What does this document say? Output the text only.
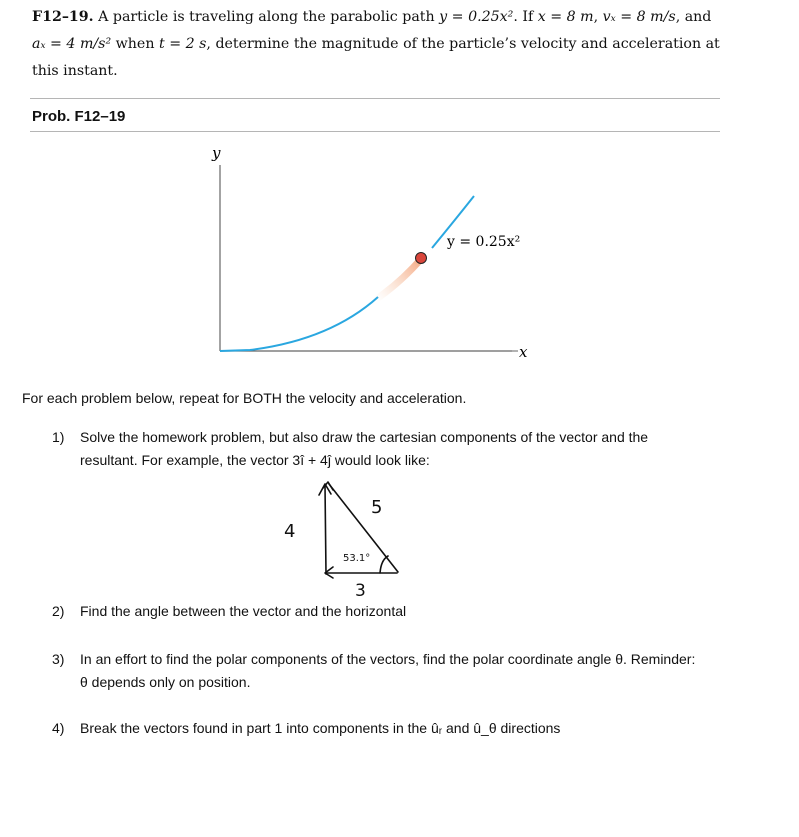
F12–19. A particle is traveling along the parabolic path y = 0.25x². If x = 8 m, vₓ = 8 m/s, and
aₓ = 4 m/s² when t = 2 s, determine the magnitude of the particle’s velocity and acceleration at
this instant.
Prob. F12–19
y
x
y = 0.25x²
4
5
3
53.1°
For each problem below, repeat for BOTH the velocity and acceleration.
1) Solve the homework problem, but also draw the cartesian components of the vector and the
resultant. For example, the vector 3î + 4ĵ would look like:
2) Find the angle between the vector and the horizontal
3) In an effort to find the polar components of the vectors, find the polar coordinate angle θ. Reminder:
θ depends only on position.
4) Break the vectors found in part 1 into components in the ûᵣ and û_θ directions
